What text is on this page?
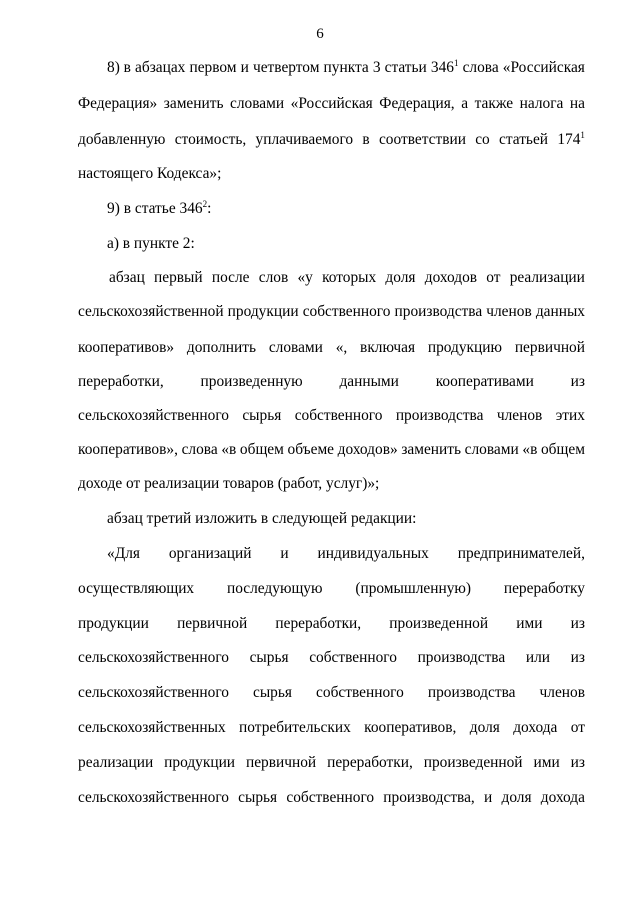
6
8) в абзацах первом и четвертом пункта 3 статьи $346^1$ слова «Российская
Федерация» заменить словами «Российская Федерация, а также налога на
добавленную стоимость, уплачиваемого в соответствии со статьей $174^1$
настоящего Кодекса»;
9) в статье $346^2$:
а) в пункте 2:
абзац первый после слов «у которых доля доходов от реализации
сельскохозяйственной продукции собственного производства членов данных
кооперативов» дополнить словами «, включая продукцию первичной
переработки, произведенную данными кооперативами из
сельскохозяйственного сырья собственного производства членов этих
кооперативов», слова «в общем объеме доходов» заменить словами «в общем
доходе от реализации товаров (работ, услуг)»;
абзац третий изложить в следующей редакции:
«Для организаций и индивидуальных предпринимателей,
осуществляющих последующую (промышленную) переработку
продукции первичной переработки, произведенной ими из
сельскохозяйственного сырья собственного производства или из
сельскохозяйственного сырья собственного производства членов
сельскохозяйственных потребительских кооперативов, доля дохода от
реализации продукции первичной переработки, произведенной ими из
сельскохозяйственного сырья собственного производства, и доля дохода
